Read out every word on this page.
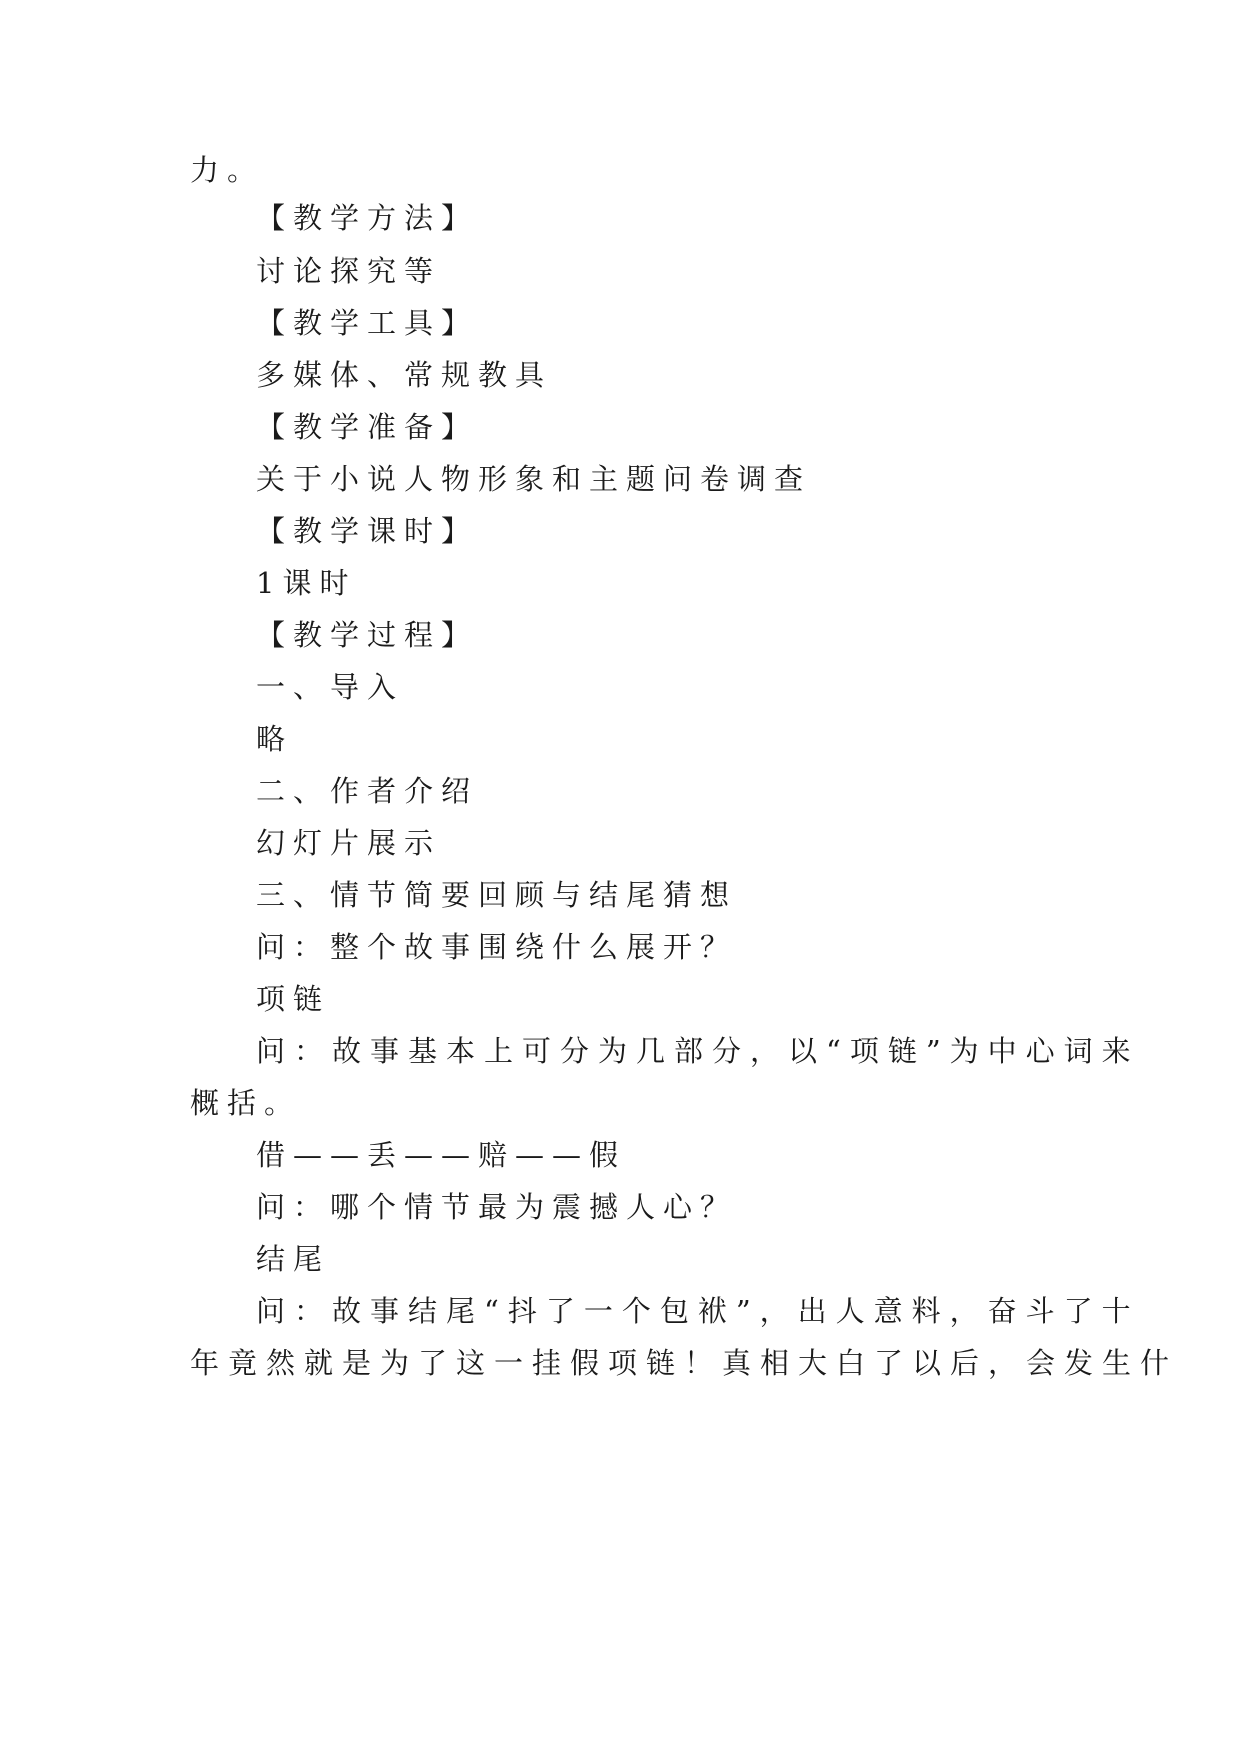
力。

【教学方法】

讨论探究等

【教学工具】

多媒体、常规教具

【教学准备】

关于小说人物形象和主题问卷调查

【教学课时】

1课时

【教学过程】

一、导入

略

二、作者介绍

幻灯片展示

三、情节简要回顾与结尾猜想

问：整个故事围绕什么展开？

项链

问：故事基本上可分为几部分，以“项链”为中心词来

概括。

借——丢——赔——假

问：哪个情节最为震撼人心？

结尾

问：故事结尾“抖了一个包袱”，出人意料，奋斗了十

年竟然就是为了这一挂假项链！真相大白了以后，会发生什
